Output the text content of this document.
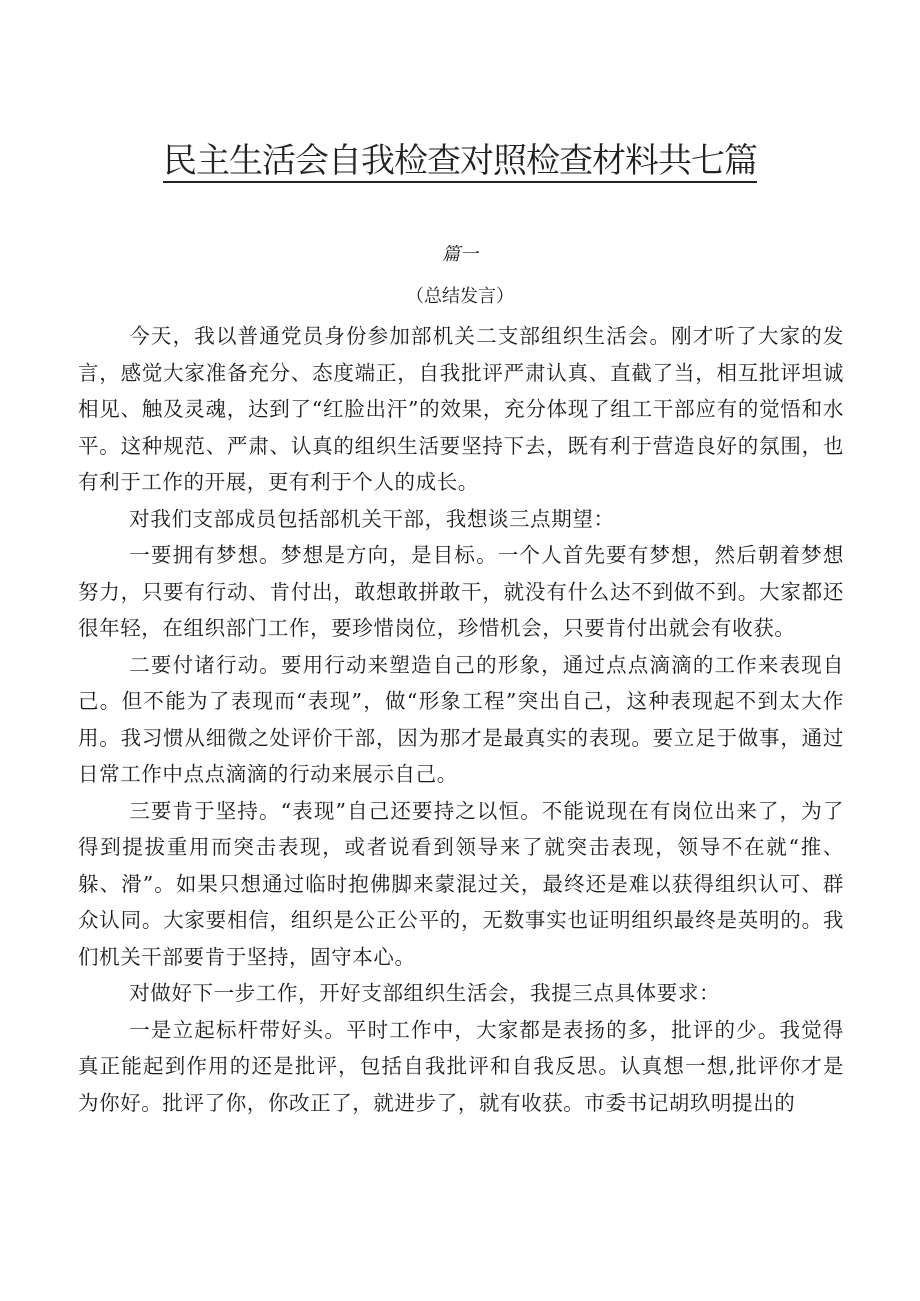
民主生活会自我检查对照检查材料共七篇
篇一
（总结发言）

今天，我以普通党员身份参加部机关二支部组织生活会。刚才听了大家的发言，感觉大家准备充分、态度端正，自我批评严肃认真、直截了当，相互批评坦诚相见、触及灵魂，达到了“红脸出汗”的效果，充分体现了组工干部应有的觉悟和水平。这种规范、严肃、认真的组织生活要坚持下去，既有利于营造良好的氛围，也有利于工作的开展，更有利于个人的成长。

对我们支部成员包括部机关干部，我想谈三点期望：

一要拥有梦想。梦想是方向，是目标。一个人首先要有梦想，然后朝着梦想努力，只要有行动、肯付出，敢想敢拼敢干，就没有什么达不到做不到。大家都还很年轻，在组织部门工作，要珍惜岗位，珍惜机会，只要肯付出就会有收获。

二要付诸行动。要用行动来塑造自己的形象，通过点点滴滴的工作来表现自己。但不能为了表现而“表现”，做“形象工程”突出自己，这种表现起不到太大作用。我习惯从细微之处评价干部，因为那才是最真实的表现。要立足于做事，通过日常工作中点点滴滴的行动来展示自己。

三要肯于坚持。“表现”自己还要持之以恒。不能说现在有岗位出来了，为了得到提拔重用而突击表现，或者说看到领导来了就突击表现，领导不在就“推、躲、滑”。如果只想通过临时抱佛脚来蒙混过关，最终还是难以获得组织认可、群众认同。大家要相信，组织是公正公平的，无数事实也证明组织最终是英明的。我们机关干部要肯于坚持，固守本心。

对做好下一步工作，开好支部组织生活会，我提三点具体要求：

一是立起标杆带好头。平时工作中，大家都是表扬的多，批评的少。我觉得真正能起到作用的还是批评，包括自我批评和自我反思。认真想一想,批评你才是为你好。批评了你，你改正了，就进步了，就有收获。市委书记胡玖明提出的
